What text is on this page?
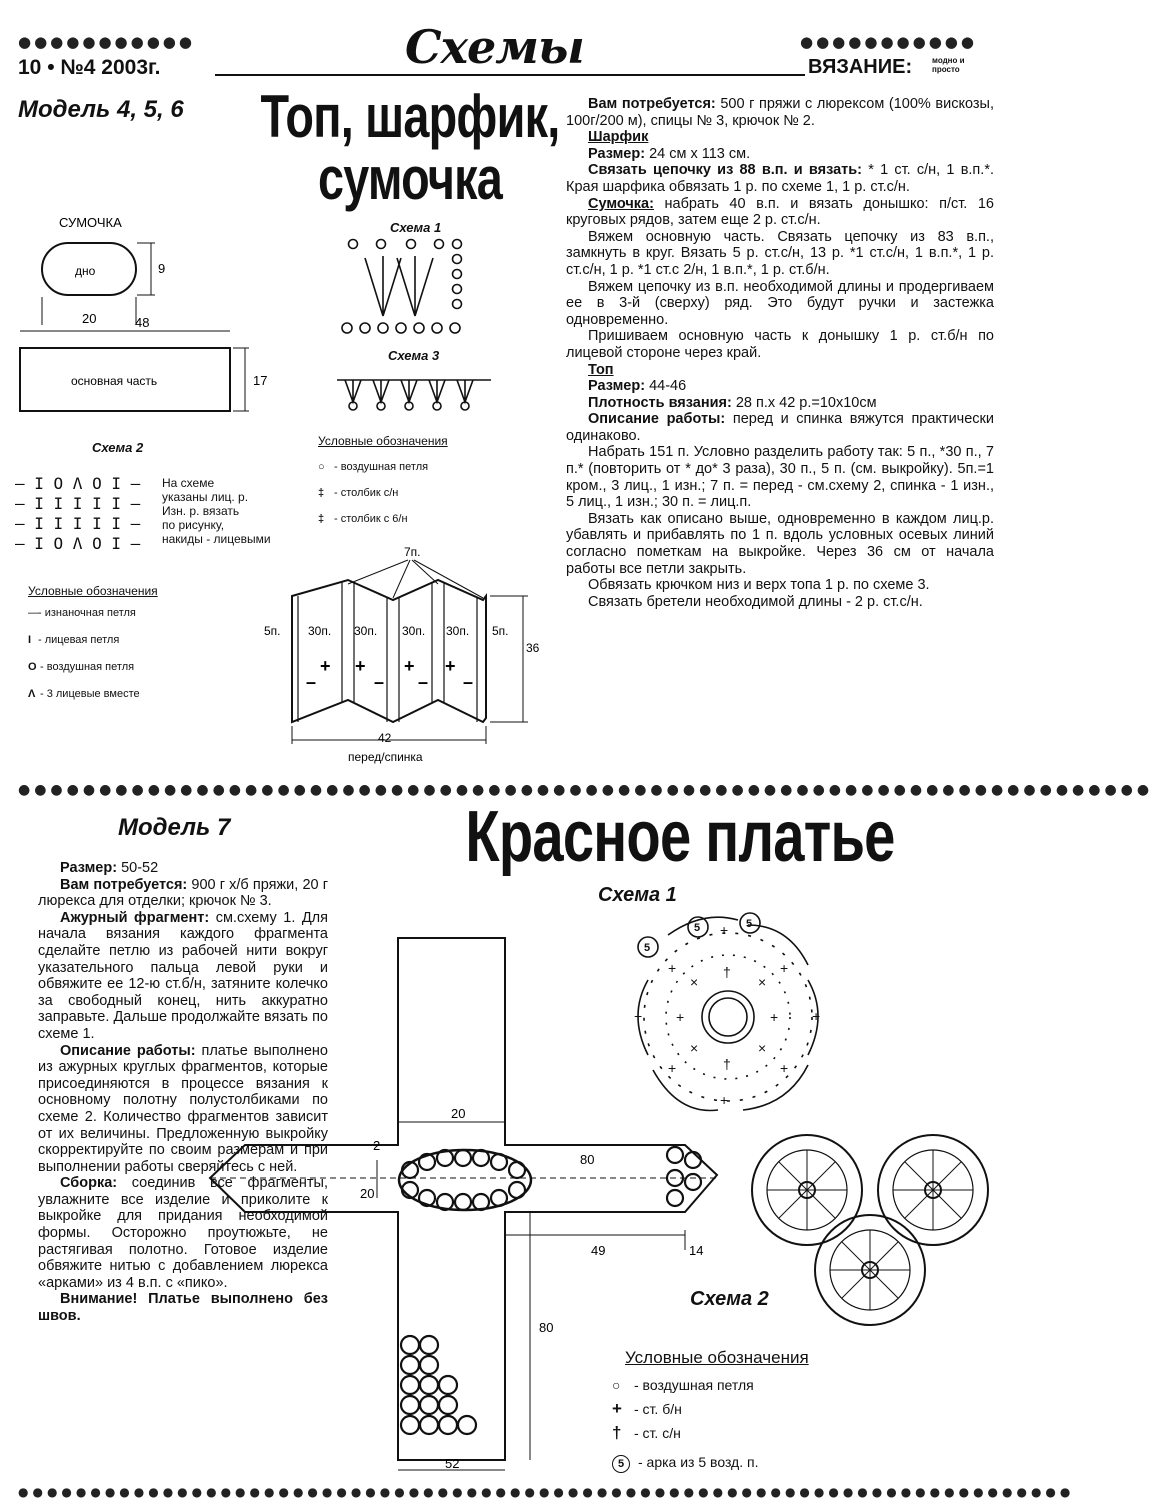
●●●●●●●●●●●
10 • №4 2003г.	Схемы	●●●●●●●●●●●
ВЯЗАНИЕ: модно и просто
Модель 4, 5, 6 Топ, шарфик,
сумочка
СУМОЧКА
дно	9
20	48
основная часть	17
Схема 1
Схема 3
Схема 2
— I O Λ O I —
— I I I I I —
— I I I I I —
— I O Λ O I —
На схеме
указаны лиц. р.
Изн. р. вязать
по рисунку,
накиды - лицевыми
Условные обозначения
—- изнаночная петля
I - лицевая петля
O - воздушная петля
Λ - 3 лицевые вместе
Условные обозначения
○ - воздушная петля
‡ - столбик с/н
‡ - столбик с 6/н
7п.
5п. 30п. 30п. 30п. 30п. 5п.
+ + + +
–	– – –
36
42
перед/спинка

Вам потребуется: 500 г пряжи с люрексом (100% вискозы, 100г/200 м), спицы № 3, крючок № 2.

Шарфик

Размер: 24 см х 113 см.

Связать цепочку из 88 в.п. и вязать: * 1 ст. с/н, 1 в.п.*. Края шарфика обвязать 1 р. по схеме 1, 1 р. ст.с/н.

Сумочка: набрать 40 в.п. и вязать донышко: п/ст. 16 круговых рядов, затем еще 2 р. ст.с/н.

Вяжем основную часть. Связать цепочку из 83 в.п., замкнуть в круг. Вязать 5 р. ст.с/н, 13 р. *1 ст.с/н, 1 в.п.*, 1 р. ст.с/н, 1 р. *1 ст.с 2/н, 1 в.п.*, 1 р. ст.б/н.

Вяжем цепочку из в.п. необходимой длины и продергиваем ее в 3-й (сверху) ряд. Это будут ручки и застежка одновременно.

Пришиваем основную часть к донышку 1 р. ст.б/н по лицевой стороне через край.

Топ

Размер: 44-46

Плотность вязания: 28 п.х 42 р.=10х10см

Описание работы: перед и спинка вяжутся практически одинаково.

Набрать 151 п. Условно разделить работу так: 5 п., *30 п., 7 п.* (повторить от * до* 3 раза), 30 п., 5 п. (см. выкройку). 5п.=1 кром., 3 лиц., 1 изн.; 7 п. = перед - см.схему 2, спинка - 1 изн., 5 лиц., 1 изн.; 30 п. = лиц.п.

Вязать как описано выше, одновременно в каждом лиц.р. убавлять и прибавлять по 1 п. вдоль условных осевых линий согласно пометкам на выкройке. Через 36 см от начала работы все петли закрыть.

Обвязать крючком низ и верх топа 1 р. по схеме 3.

Связать бретели необходимой длины - 2 р. ст.с/н.

●●●●●●●●●●●●●●●●●●●●●●●●●●●●●●●●●●●●●●●●●●●●●●●●●●●●●●●●●●●●●●●●●●●●●●
Модель 7	Красное платье

Размер: 50-52

Вам потребуется: 900 г х/б пряжи, 20 г люрекса для отделки; крючок № 3.

Ажурный фрагмент: см.схему 1. Для начала вязания каждого фрагмента сделайте петлю из рабочей нити вокруг указательного пальца левой руки и обвяжите ее 12-ю ст.б/н, затяните колечко за свободный конец, нить аккуратно заправьте. Дальше продолжайте вязать по схеме 1.

Описание работы: платье выполнено из ажурных круглых фрагментов, которые присоединяются в процессе вязания к основному полотну полустолбиками по схеме 2. Количество фрагментов зависит от их величины. Предложенную выкройку скорректируйте по своим размерам и при выполнении работы сверяйтесь с ней.

Сборка: соединив все фрагменты, увлажните все изделие и приколите к выкройке для придания необходимой формы. Осторожно проутюжьте, не растягивая полотно. Готовое изделие обвяжите нитью с добавлением люрекса «арками» из 4 в.п. с «пико».

Внимание! Платье выполнено без швов.

20
2
20
80
49	14
80
52
Схема 1
5
5	5
†
†
+	+
×	×
×	×
+	+
+	+
+	+
+
+
Схема 2
Условные обозначения
○ - воздушная петля
+ - ст. б/н
† - ст. с/н
5 - арка из 5 возд. п.
●●●●●●●●●●●●●●●●●●●●●●●●●●●●●●●●●●●●●●●●●●●●●●●●●●●●●●●●●●●●●●●●●●●●●●●●●
